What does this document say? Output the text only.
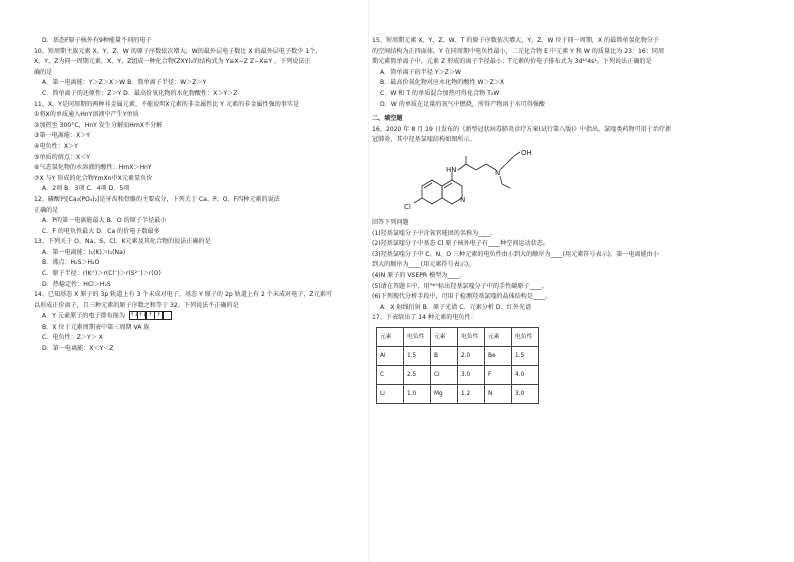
D．基态F原子核外有9种能量不同的电子

10、短周期主族元素 X、Y、Z、W 的原子序数依次增大，W的最外层电子数比 X 的最外层电子数少 1个，

X、Y、Z为同一周期元素，X、Y、Z组成一种化合物(ZXY)₂的结构式为 Y≡X−Z Z−X≡Y 。下列说法正

确的是

A．第一电离能：Y＞Z＞X＞W B．简单离子半径：W＞Z＞Y

C．简单离子的还原性：Z＞Y D．最高价氧化物的水化物酸性：X＞Y＞Z

11、X、Y是同周期的两种非金属元素，不能说明X元素的非金属性比 Y 元素的非金属性强的事实是

①将X的单质通入HnY溶液中产生Y单质

②加热至 300°C，HnY 发生分解而HmX不分解

③第一电离能：X＞Y

④电负性：X＞Y

⑤单质的熔点：X＜Y

⑥气态氢化物的水溶液的酸性：HmX＞HnY

⑦X 与Y 形成的化合物YmXn中X元素显负价

A．2项 B．3项 C．4项 D．5项

12、磷酸钙[Ca₃(PO₄)₂]是牙齿和骨骼的主要成分，下列关于 Ca、P、O、F四种元素的说法

正确的是

A．P的第一电离能最大 B．O 的原子半径最小

C．F 的电负性最大 D．Ca 的价电子数最多

13、下列关于 O、Na、S、Cl、K元素及其化合物的说法正确的是

A．第一电离能：I₁(K)＞I₁(Na)

B．沸点：H₂S＞H₂O

C．原子半径：r(K⁺)＞r(Cl⁻)＞r(S²⁻)＞r(O)

D．热稳定性：HCl＞H₂S

14、已知基态 X 原子的 3p 轨道上有 3 个未成对电子，基态 Y 原子的 2p 轨道上有 2 个未成对电子，Z元素可

以形成正价离子，且三种元素的原子序数之和等于 32。下列说法不正确的是

A．Y 元素原子的电子排布图为 ↑↓ ↑↓ ↑ ↑

B．X 位于元素周期表中第三周期 VA 族

C．电负性：Z＞Y＞ X

D．第一电离能：X＜Y＜Z

15、短周期元素 X、Y、Z、W、T 的原子序数依次增大，Y、Z、W 位于同一周期，X 的最简单氢化物分子

的空间结构为正四面体，Y 在同周期中电负性最小，二元化合物 E 中元素 Y 和 W 的质量比为 23：16；同周

期元素简单离子中，元素 Z 形成的离子半径最小；T元素的价电子排布式为 3d¹⁰4s¹。下列说法正确的是

A．简单离子的半径 Y＞Z＞W

B．最高价氧化物对应水化物的酸性 W＞Z＞X

C．W 和 T 的单质混合加热可得化合物 T₂W

D．W 的单质在足量的氧气中燃烧，所得产物溶于水可得强酸

二、填空题

16、2020 年 8 月 19 日发布的《新型冠状病毒肺炎诊疗方案(试行第八版)》中指出，氯喹类药物可用于治疗新

冠肺炎，其中羟基氯喹结构如图所示。

OH
N
HN
Cl
N

回答下列问题

(1)羟基氯喹分子中含氧官能团的名称为____。

(2)羟基氯喹分子中基态 Cl 原子核外电子有____种空间运动状态。

(3)羟基氯喹分子中 C、N、O 三种元素的电负性由小到大的顺序为____(用元素符号表示)，第一电离能由小

到大的顺序为____(用元素符号表示)。

(4)N 原子的 VSEPR 模型为____。

(5)请在答题卡中，用"*"标出羟基氯喹分子中的手性碳原子____。

(6)下列现代分析手段中，可用于检测羟基氯喹的晶体结构是____。

A．X 射线衍射 B．原子光谱 C．元素分析 D．红外光谱

17、下表给出了 14 种元素的电负性：

元素	电负性	元素	电负性	元素	电负性
Al	1.5	B	2.0	Be	1.5
C	2.5	Cl	3.0	F	4.0
Li	1.0	Mg	1.2	N	3.0
